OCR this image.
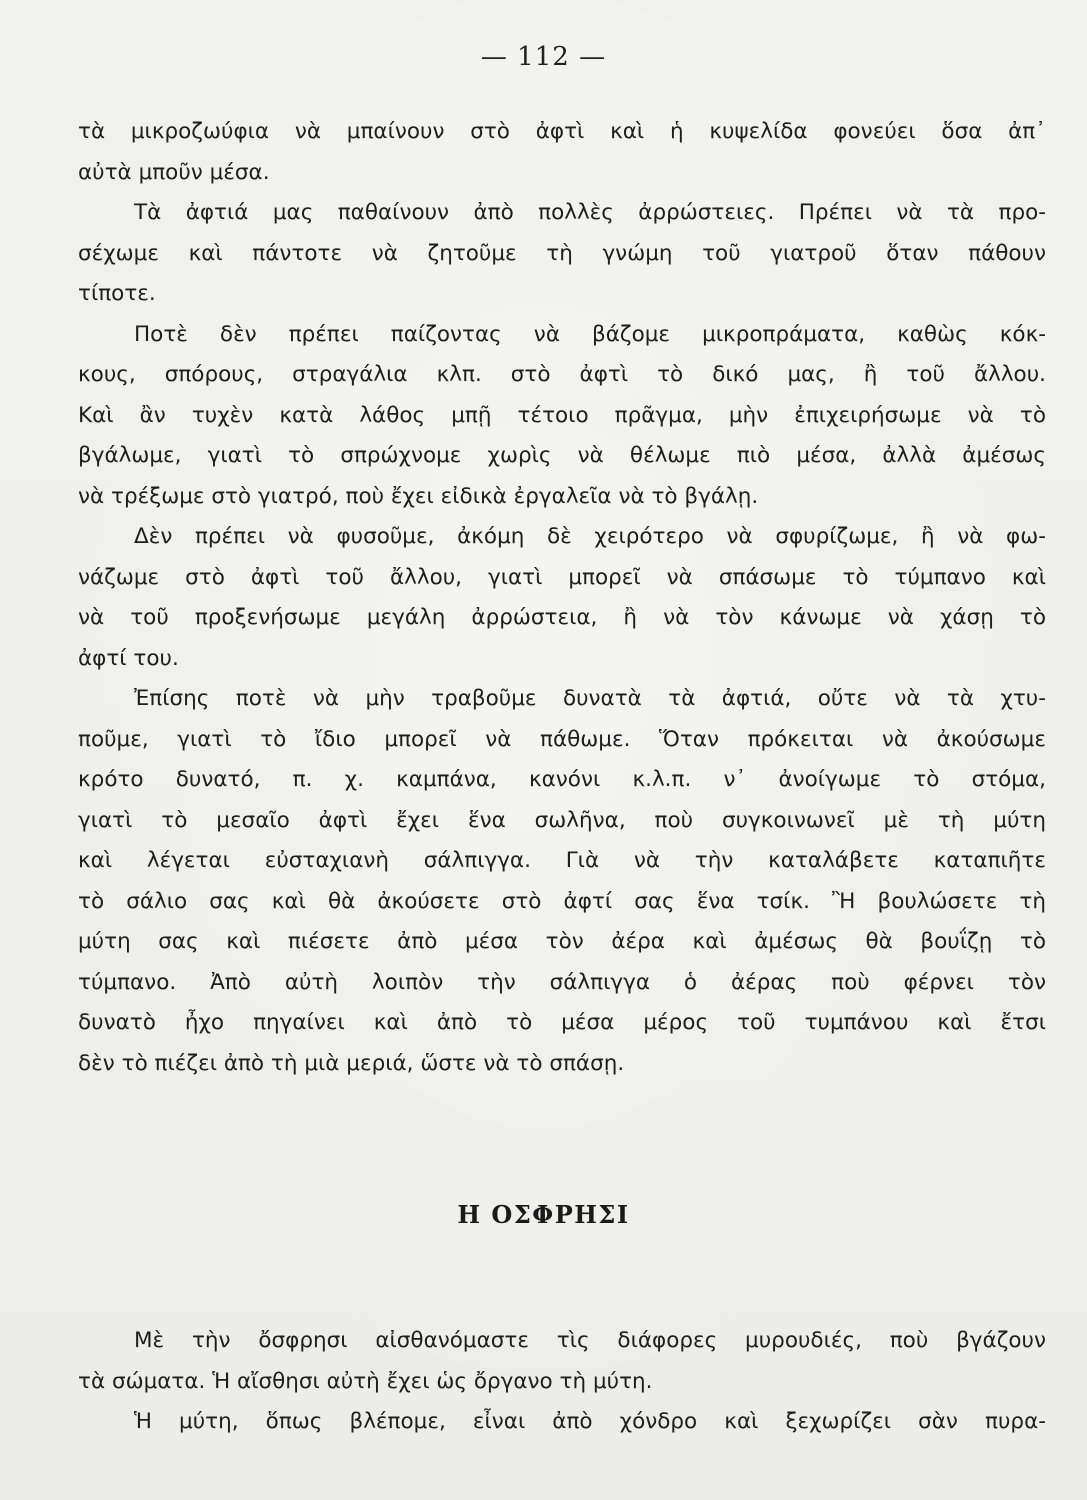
— 112 —
τὰ μικροζωύφια νὰ μπαίνουν στὸ ἀφτὶ καὶ ἡ κυψελίδα φονεύει ὅσα ἀπ᾽
αὐτὰ μποῦν μέσα.
Τὰ ἀφτιά μας παθαίνουν ἀπὸ πολλὲς ἀρρώστειες. Πρέπει νὰ τὰ προ-
σέχωμε καὶ πάντοτε νὰ ζητοῦμε τὴ γνώμη τοῦ γιατροῦ ὅταν πάθουν
τίποτε.
Ποτὲ δὲν πρέπει παίζοντας νὰ βάζομε μικροπράματα, καθὼς κόκ-
κους, σπόρους, στραγάλια κλπ. στὸ ἀφτὶ τὸ δικό μας, ἢ τοῦ ἄλλου.
Καὶ ἂν τυχὲν κατὰ λάθος μπῇ τέτοιο πρᾶγμα, μὴν ἐπιχειρήσωμε νὰ τὸ
βγάλωμε, γιατὶ τὸ σπρώχνομε χωρὶς νὰ θέλωμε πιὸ μέσα, ἀλλὰ ἀμέσως
νὰ τρέξωμε στὸ γιατρό, ποὺ ἔχει εἰδικὰ ἐργαλεῖα νὰ τὸ βγάλῃ.
Δὲν πρέπει νὰ φυσοῦμε, ἀκόμη δὲ χειρότερο νὰ σφυρίζωμε, ἢ νὰ φω-
νάζωμε στὸ ἀφτὶ τοῦ ἄλλου, γιατὶ μπορεῖ νὰ σπάσωμε τὸ τύμπανο καὶ
νὰ τοῦ προξενήσωμε μεγάλη ἀρρώστεια, ἢ νὰ τὸν κάνωμε νὰ χάσῃ τὸ
ἀφτί του.
Ἐπίσης ποτὲ νὰ μὴν τραβοῦμε δυνατὰ τὰ ἀφτιά, οὔτε νὰ τὰ χτυ-
ποῦμε, γιατὶ τὸ ἴδιο μπορεῖ νὰ πάθωμε. Ὅταν πρόκειται νὰ ἀκούσωμε
κρότο δυνατό, π. χ. καμπάνα, κανόνι κ.λ.π. ν᾽ ἀνοίγωμε τὸ στόμα,
γιατὶ τὸ μεσαῖο ἀφτὶ ἔχει ἕνα σωλῆνα, ποὺ συγκοινωνεῖ μὲ τὴ μύτη
καὶ λέγεται εὐσταχιανὴ σάλπιγγα. Γιὰ νὰ τὴν καταλάβετε καταπιῆτε
τὸ σάλιο σας καὶ θὰ ἀκούσετε στὸ ἀφτί σας ἕνα τσίκ. Ἢ βουλώσετε τὴ
μύτη σας καὶ πιέσετε ἀπὸ μέσα τὸν ἀέρα καὶ ἀμέσως θὰ βουΐζῃ τὸ
τύμπανο. Ἀπὸ αὐτὴ λοιπὸν τὴν σάλπιγγα ὁ ἀέρας ποὺ φέρνει τὸν
δυνατὸ ἦχο πηγαίνει καὶ ἀπὸ τὸ μέσα μέρος τοῦ τυμπάνου καὶ ἔτσι
δὲν τὸ πιέζει ἀπὸ τὴ μιὰ μεριά, ὥστε νὰ τὸ σπάσῃ.
Η ΟΣΦΡΗΣΙ
Μὲ τὴν ὄσφρησι αἰσθανόμαστε τὶς διάφορες μυρουδιές, ποὺ βγάζουν
τὰ σώματα. Ἡ αἴσθησι αὐτὴ ἔχει ὡς ὄργανο τὴ μύτη.
Ἡ μύτη, ὅπως βλέπομε, εἶναι ἀπὸ χόνδρο καὶ ξεχωρίζει σὰν πυρα-
